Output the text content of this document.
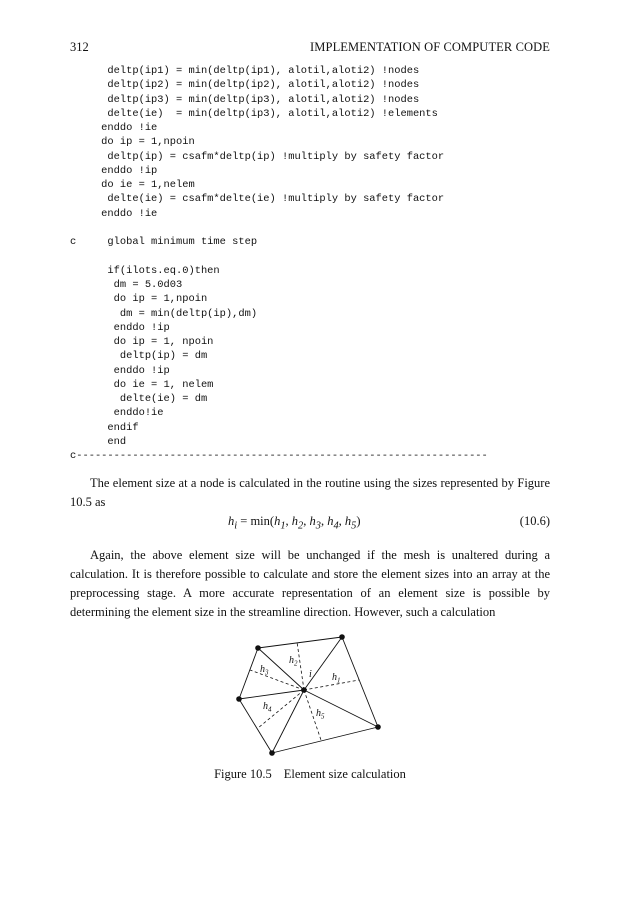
312	IMPLEMENTATION OF COMPUTER CODE
deltp(ip1) = min(deltp(ip1), alotil,aloti2) !nodes
deltp(ip2) = min(deltp(ip2), alotil,aloti2) !nodes
deltp(ip3) = min(deltp(ip3), alotil,aloti2) !nodes
delte(ie)  = min(deltp(ip3), alotil,aloti2) !elements
enddo !ie
do ip = 1,npoin
deltp(ip) = csafm*deltp(ip) !multiply by safety factor
enddo !ip
do ie = 1,nelem
delte(ie) = csafm*delte(ie) !multiply by safety factor
enddo !ie
c     global minimum time step
if(ilots.eq.0)then
dm = 5.0d03
do ip = 1,npoin
dm = min(deltp(ip),dm)
enddo !ip
do ip = 1, npoin
deltp(ip) = dm
enddo !ip
do ie = 1, nelem
delte(ie) = dm
enddo!ie
endif
end
c------------------------------------------------------------------

The element size at a node is calculated in the routine using the sizes represented by Figure 10.5 as

$h_i = \min(h_1$, $h_2$, $h_3$, $h_4$, $h_5$)	(10.6)

Again, the above element size will be unchanged if the mesh is unaltered during a calculation. It is therefore possible to calculate and store the element sizes into an array at the preprocessing stage. A more accurate representation of an element size is possible by determining the element size in the streamline direction. However, such a calculation

$h_3$
$h_2$
i $h_1$
$h_4$	$h_5$
Figure 10.5 Element size calculation
